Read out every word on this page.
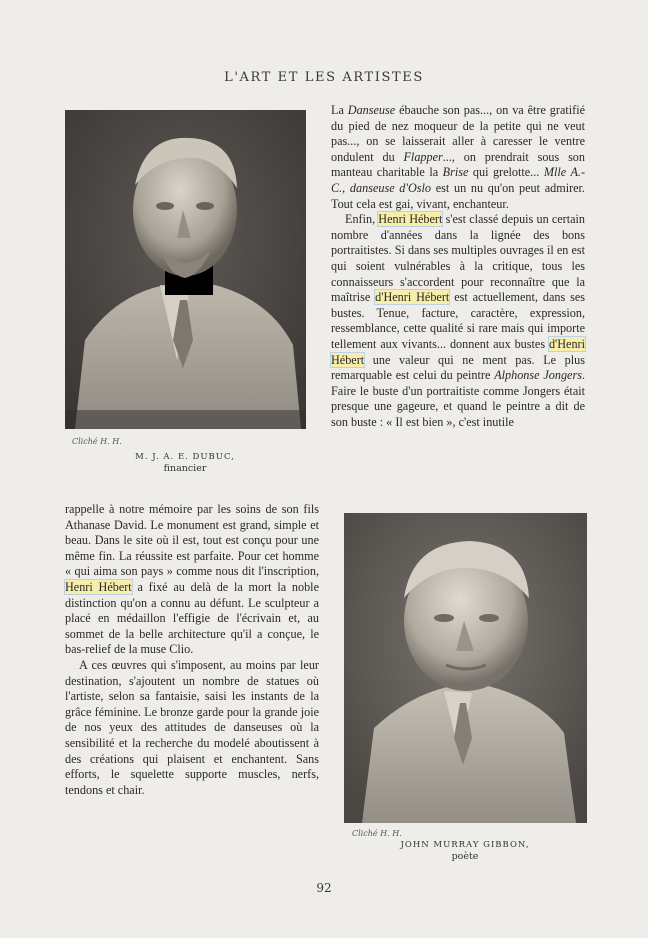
L'ART ET LES ARTISTES
Cliché H. H.
M. J. A. E. DUBUC,
financier

La Danseuse ébauche son pas..., on va être gratifié du pied de nez moqueur de la petite qui ne veut pas..., on se laisserait aller à caresser le ventre ondulent du Flapper..., on prendrait sous son manteau charitable la Brise qui grelotte... Mlle A.-C., danseuse d'Oslo est un nu qu'on peut admirer. Tout cela est gai, vivant, enchanteur.

Enfin, Henri Hébert s'est classé depuis un certain nombre d'années dans la lignée des bons portraitistes. Si dans ses multiples ouvrages il en est qui soient vulnérables à la critique, tous les connaisseurs s'accordent pour reconnaître que la maîtrise d'Henri Hébert est actuellement, dans ses bustes. Tenue, facture, caractère, expression, ressemblance, cette qualité si rare mais qui importe tellement aux vivants... donnent aux bustes d'Henri Hébert une valeur qui ne ment pas. Le plus remarquable est celui du peintre Alphonse Jongers. Faire le buste d'un portraitiste comme Jongers était presque une gageure, et quand le peintre a dit de son buste : « Il est bien », c'est inutile

rappelle à notre mémoire par les soins de son fils Athanase David. Le monument est grand, simple et beau. Dans le site où il est, tout est conçu pour une même fin. La réussite est parfaite. Pour cet homme « qui aima son pays » comme nous dit l'inscription, Henri Hébert a fixé au delà de la mort la noble distinction qu'on a connu au défunt. Le sculpteur a placé en médaillon l'effigie de l'écrivain et, au sommet de la belle architecture qu'il a conçue, le bas-relief de la muse Clio.

A ces œuvres qui s'imposent, au moins par leur destination, s'ajoutent un nombre de statues où l'artiste, selon sa fantaisie, saisi les instants de la grâce féminine. Le bronze garde pour la grande joie de nos yeux des attitudes de danseuses où la sensibilité et la recherche du modelé aboutissent à des créations qui plaisent et enchantent. Sans efforts, le squelette supporte muscles, nerfs, tendons et chair.

Cliché H. H.
JOHN MURRAY GIBBON,
poète
92
